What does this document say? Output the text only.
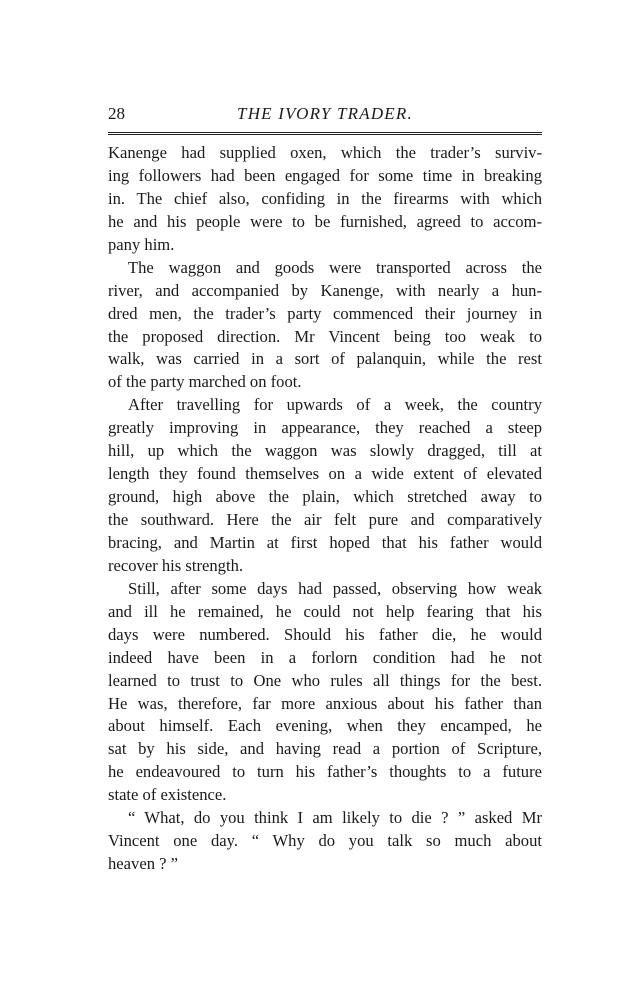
28	THE IVORY TRADER.
Kanenge had supplied oxen, which the trader’s surviv-
ing followers had been engaged for some time in breaking
in. The chief also, confiding in the firearms with which
he and his people were to be furnished, agreed to accom-
pany him.
The waggon and goods were transported across the
river, and accompanied by Kanenge, with nearly a hun-
dred men, the trader’s party commenced their journey in
the proposed direction. Mr Vincent being too weak to
walk, was carried in a sort of palanquin, while the rest
of the party marched on foot.
After travelling for upwards of a week, the country
greatly improving in appearance, they reached a steep
hill, up which the waggon was slowly dragged, till at
length they found themselves on a wide extent of elevated
ground, high above the plain, which stretched away to
the southward. Here the air felt pure and comparatively
bracing, and Martin at first hoped that his father would
recover his strength.
Still, after some days had passed, observing how weak
and ill he remained, he could not help fearing that his
days were numbered. Should his father die, he would
indeed have been in a forlorn condition had he not
learned to trust to One who rules all things for the best.
He was, therefore, far more anxious about his father than
about himself. Each evening, when they encamped, he
sat by his side, and having read a portion of Scripture,
he endeavoured to turn his father’s thoughts to a future
state of existence.
“ What, do you think I am likely to die ? ” asked Mr
Vincent one day. “ Why do you talk so much about
heaven ? ”
